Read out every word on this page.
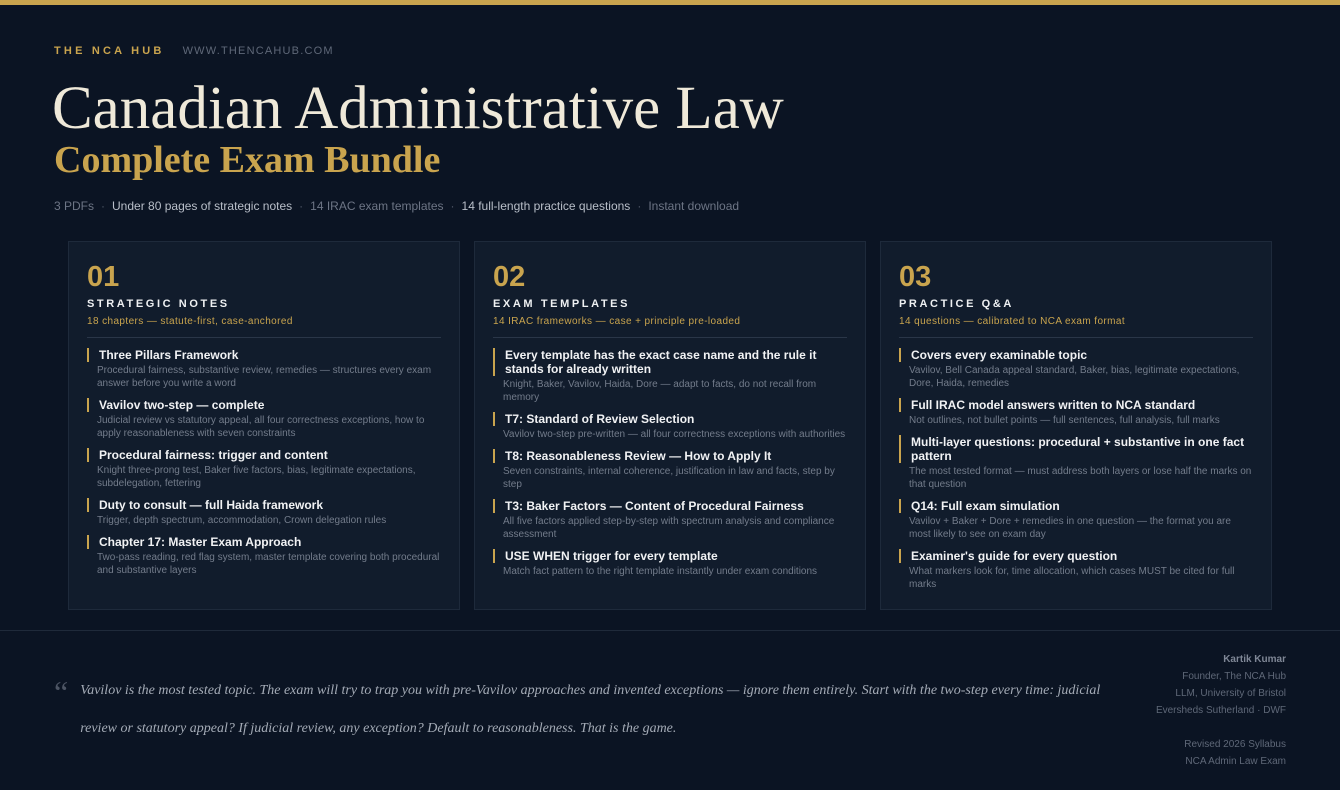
THE NCA HUB WWW.THENCAHUB.COM
Canadian Administrative Law
Complete Exam Bundle
3 PDFs · Under 80 pages of strategic notes · 14 IRAC exam templates · 14 full-length practice questions · Instant download
01
STRATEGIC NOTES
18 chapters — statute-first, case-anchored
Three Pillars Framework
Procedural fairness, substantive review, remedies — structures every exam answer before you write a word
Vavilov two-step — complete
Judicial review vs statutory appeal, all four correctness exceptions, how to apply reasonableness with seven constraints
Procedural fairness: trigger and content
Knight three-prong test, Baker five factors, bias, legitimate expectations, subdelegation, fettering
Duty to consult — full Haida framework
Trigger, depth spectrum, accommodation, Crown delegation rules
Chapter 17: Master Exam Approach
Two-pass reading, red flag system, master template covering both procedural and substantive layers
02
EXAM TEMPLATES
14 IRAC frameworks — case + principle pre-loaded
Every template has the exact case name and the rule it stands for already written
Knight, Baker, Vavilov, Haida, Dore — adapt to facts, do not recall from memory
T7: Standard of Review Selection
Vavilov two-step pre-written — all four correctness exceptions with authorities
T8: Reasonableness Review — How to Apply It
Seven constraints, internal coherence, justification in law and facts, step by step
T3: Baker Factors — Content of Procedural Fairness
All five factors applied step-by-step with spectrum analysis and compliance assessment
USE WHEN trigger for every template
Match fact pattern to the right template instantly under exam conditions
03
PRACTICE Q&A
14 questions — calibrated to NCA exam format
Covers every examinable topic
Vavilov, Bell Canada appeal standard, Baker, bias, legitimate expectations, Dore, Haida, remedies
Full IRAC model answers written to NCA standard
Not outlines, not bullet points — full sentences, full analysis, full marks
Multi-layer questions: procedural + substantive in one fact pattern
The most tested format — must address both layers or lose half the marks on that question
Q14: Full exam simulation
Vavilov + Baker + Dore + remedies in one question — the format you are most likely to see on exam day
Examiner's guide for every question
What markers look for, time allocation, which cases MUST be cited for full marks
“ Vavilov is the most tested topic. The exam will try to trap you with pre-Vavilov approaches and invented exceptions — ignore them entirely. Start with the two-step every time: judicial review or statutory appeal? If judicial review, any exception? Default to reasonableness. That is the game.

Kartik Kumar
Founder, The NCA Hub
LLM, University of Bristol
Eversheds Sutherland · DWF
Revised 2026 Syllabus
NCA Admin Law Exam
